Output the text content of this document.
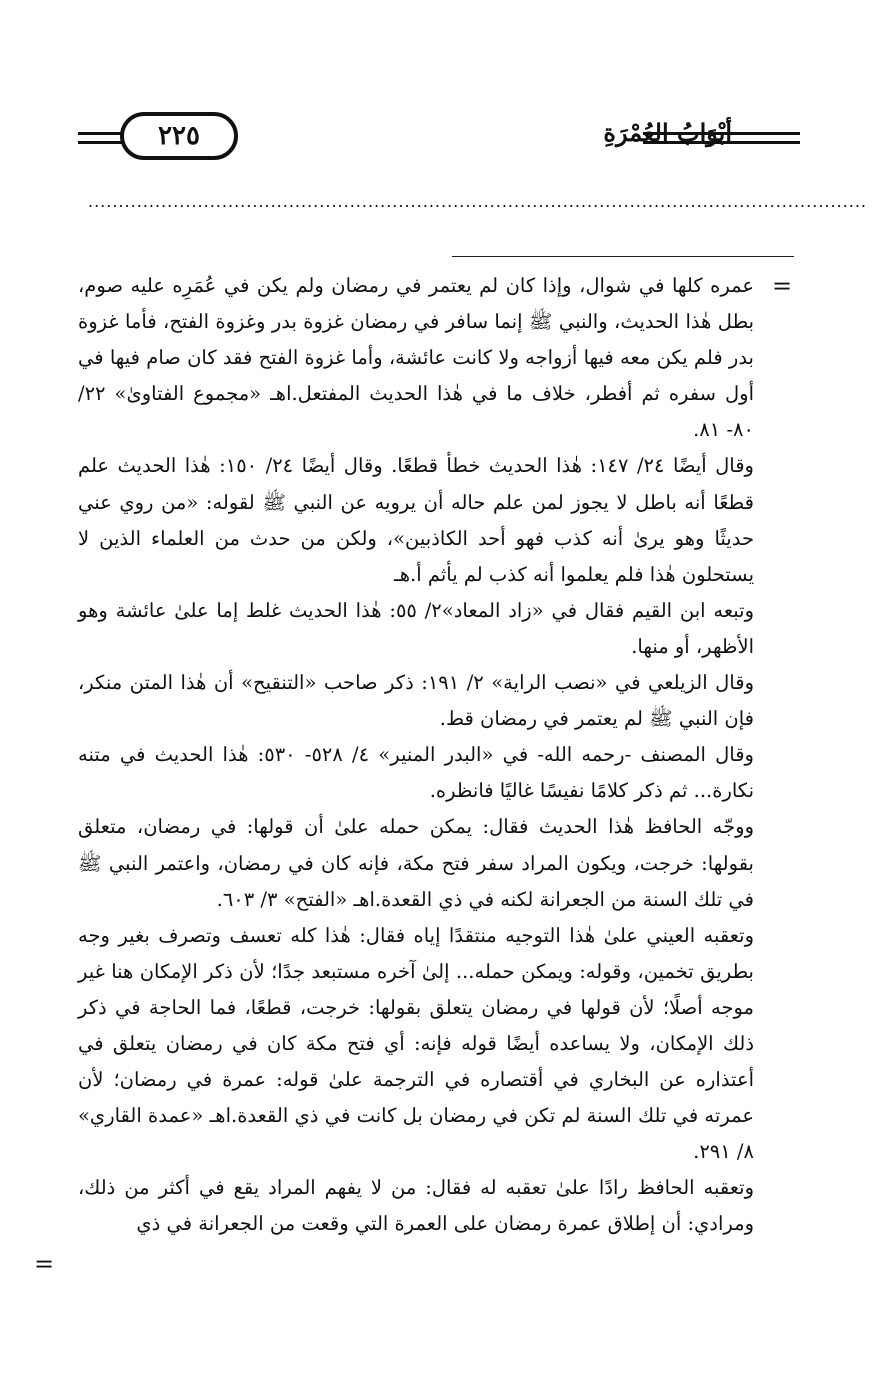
٢٢٥	أبْوَابُ العُمْرَةِ
................................................................................................................................
=

عمره كلها في شوال، وإذا كان لم يعتمر في رمضان ولم يكن في عُمَرِه عليه صوم، بطل هٰذا الحديث، والنبي ﷺ إنما سافر في رمضان غزوة بدر وغزوة الفتح، فأما غزوة بدر فلم يكن معه فيها أزواجه ولا كانت عائشة، وأما غزوة الفتح فقد كان صام فيها في أول سفره ثم أفطر، خلاف ما في هٰذا الحديث المفتعل.اهـ «مجموع الفتاوىٰ» ٢٢/ ٨٠- ٨١.

وقال أيضًا ٢٤/ ١٤٧: هٰذا الحديث خطأ قطعًا. وقال أيضًا ٢٤/ ١٥٠: هٰذا الحديث علم قطعًا أنه باطل لا يجوز لمن علم حاله أن يرويه عن النبي ﷺ لقوله: «من روي عني حديثًا وهو يرىٰ أنه كذب فهو أحد الكاذبين»، ولكن من حدث من العلماء الذين لا يستحلون هٰذا فلم يعلموا أنه كذب لم يأثم أ.هـ

وتبعه ابن القيم فقال في «زاد المعاد»٢/ ٥٥: هٰذا الحديث غلط إما علىٰ عائشة وهو الأظهر، أو منها.

وقال الزيلعي في «نصب الراية» ٢/ ١٩١: ذكر صاحب «التنقيح» أن هٰذا المتن منكر، فإن النبي ﷺ لم يعتمر في رمضان قط.

وقال المصنف -رحمه الله- في «البدر المنير» ٤/ ٥٢٨- ٥٣٠: هٰذا الحديث في متنه نكارة... ثم ذكر كلامًا نفيسًا غاليًا فانظره.

ووجّه الحافظ هٰذا الحديث فقال: يمكن حمله علىٰ أن قولها: في رمضان، متعلق بقولها: خرجت، ويكون المراد سفر فتح مكة، فإنه كان في رمضان، واعتمر النبي ﷺ في تلك السنة من الجعرانة لكنه في ذي القعدة.اهـ «الفتح» ٣/ ٦٠٣.

وتعقبه العيني علىٰ هٰذا التوجيه منتقدًا إياه فقال: هٰذا كله تعسف وتصرف بغير وجه بطريق تخمين، وقوله: ويمكن حمله... إلىٰ آخره مستبعد جدًا؛ لأن ذكر الإمكان هنا غير موجه أصلًا؛ لأن قولها في رمضان يتعلق بقولها: خرجت، قطعًا، فما الحاجة في ذكر ذلك الإمكان، ولا يساعده أيضًا قوله فإنه: أي فتح مكة كان في رمضان يتعلق في أعتذاره عن البخاري في أقتصاره في الترجمة علىٰ قوله: عمرة في رمضان؛ لأن عمرته في تلك السنة لم تكن في رمضان بل كانت في ذي القعدة.اهـ «عمدة القاري» ٨/ ٢٩١.

وتعقبه الحافظ رادًا علىٰ تعقبه له فقال: من لا يفهم المراد يقع في أكثر من ذلك، ومرادي: أن إطلاق عمرة رمضان على العمرة التي وقعت من الجعرانة في ذي

=
